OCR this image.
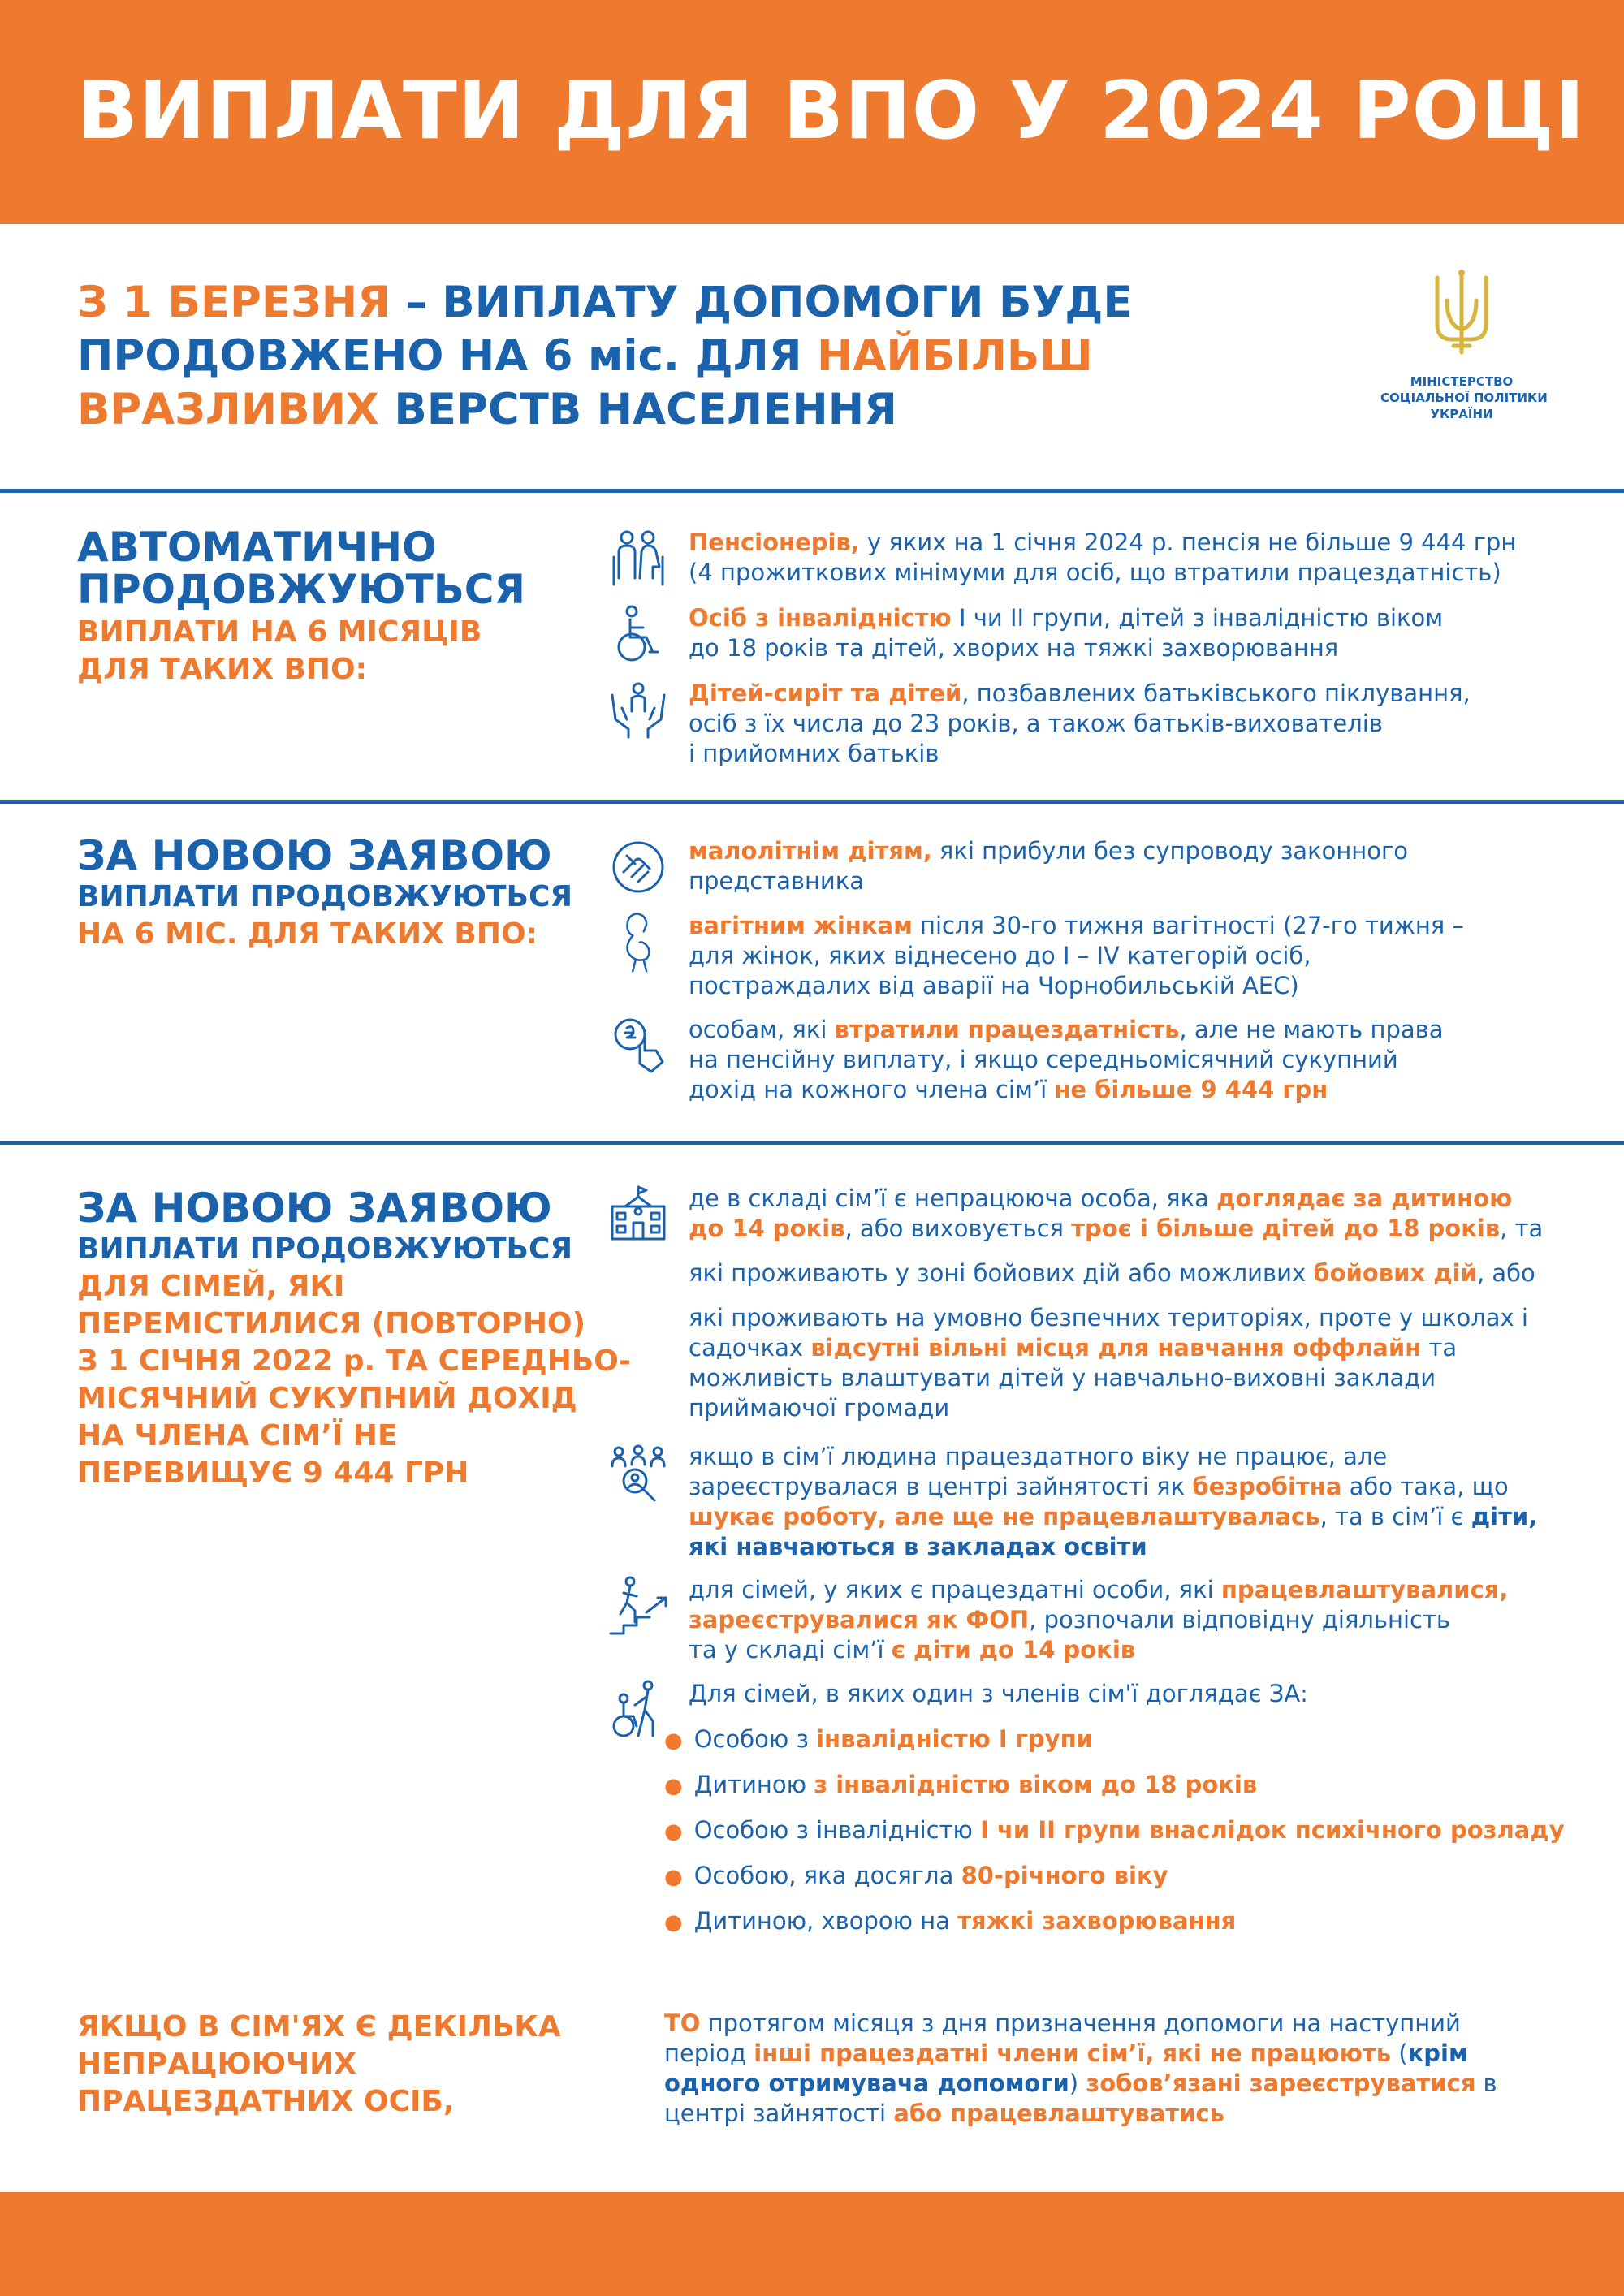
ВИПЛАТИ ДЛЯ ВПО У 2024 РОЦІ
З 1 БЕРЕЗНЯ – ВИПЛАТУ ДОПОМОГИ БУДЕ
ПРОДОВЖЕНО НА 6 міс. ДЛЯ НАЙБІЛЬШ
ВРАЗЛИВИХ ВЕРСТВ НАСЕЛЕННЯ
МІНІСТЕРСТВО
СОЦІАЛЬНОЇ ПОЛІТИКИ
УКРАЇНИ
АВТОМАТИЧНО
ПРОДОВЖУЮТЬСЯ
ВИПЛАТИ НА 6 МІСЯЦІВ
ДЛЯ ТАКИХ ВПО:
Пенсіонерів, у яких на 1 січня 2024 р. пенсія не більше 9 444 грн
(4 прожиткових мінімуми для осіб, що втратили працездатність)
Осіб з інвалідністю I чи II групи, дітей з інвалідністю віком
до 18 років та дітей, хворих на тяжкі захворювання
Дітей-сиріт та дітей, позбавлених батьківського піклування,
осіб з їх числа до 23 років, а також батьків-вихователів
і прийомних батьків
ЗА НОВОЮ ЗАЯВОЮ
ВИПЛАТИ ПРОДОВЖУЮТЬСЯ
НА 6 МІС. ДЛЯ ТАКИХ ВПО:
малолітнім дітям, які прибули без супроводу законного
представника
вагітним жінкам після 30-го тижня вагітності (27-го тижня –
для жінок, яких віднесено до I – IV категорій осіб,
постраждалих від аварії на Чорнобильській АЕС)
особам, які втратили працездатність, але не мають права
на пенсійну виплату, і якщо середньомісячний сукупний
дохід на кожного члена сім’ї не більше 9 444 грн
ЗА НОВОЮ ЗАЯВОЮ
ВИПЛАТИ ПРОДОВЖУЮТЬСЯ
ДЛЯ СІМЕЙ, ЯКІ
ПЕРЕМІСТИЛИСЯ (ПОВТОРНО)
З 1 СІЧНЯ 2022 р. ТА СЕРЕДНЬО-
МІСЯЧНИЙ СУКУПНИЙ ДОХІД
НА ЧЛЕНА СІМ’Ї НЕ
ПЕРЕВИЩУЄ 9 444 ГРН
де в складі сім’ї є непрацююча особа, яка доглядає за дитиною
до 14 років, або виховується троє і більше дітей до 18 років, та
які проживають у зоні бойових дій або можливих бойових дій, або
які проживають на умовно безпечних територіях, проте у школах і
садочках відсутні вільні місця для навчання оффлайн та
можливість влаштувати дітей у навчально-виховні заклади
приймаючої громади
якщо в сім’ї людина працездатного віку не працює, але
зареєструвалася в центрі зайнятості як безробітна або така, що
шукає роботу, але ще не працевлаштувалась, та в сім’ї є діти,
які навчаються в закладах освіти
для сімей, у яких є працездатні особи, які працевлаштувалися,
зареєструвалися як ФОП, розпочали відповідну діяльність
та у складі сім’ї є діти до 14 років
Для сімей, в яких один з членів сім'ї доглядає ЗА:
● Особою з інвалідністю I групи
● Дитиною з інвалідністю віком до 18 років
● Особою з інвалідністю I чи II групи внаслідок психічного розладу
● Особою, яка досягла 80-річного віку
● Дитиною, хворою на тяжкі захворювання
ЯКЩО В СІМ'ЯХ Є ДЕКІЛЬКА
НЕПРАЦЮЮЧИХ
ПРАЦЕЗДАТНИХ ОСІБ,
ТО протягом місяця з дня призначення допомоги на наступний
період інші працездатні члени сім’ї, які не працюють (крім
одного отримувача допомоги) зобов’язані зареєструватися в
центрі зайнятості або працевлаштуватись
